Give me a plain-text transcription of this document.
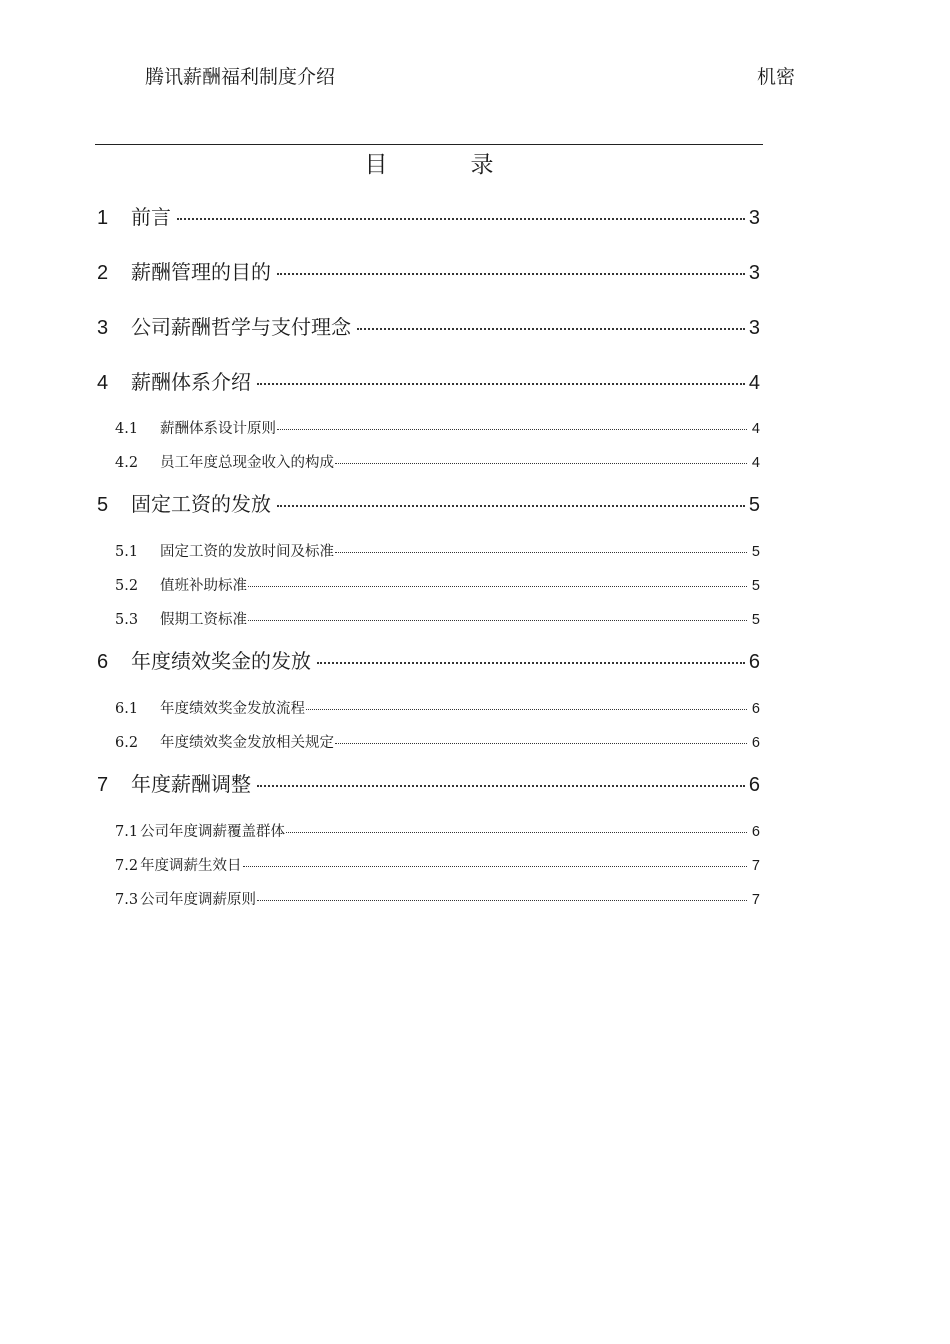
腾讯薪酬福利制度介绍	机密
目　录
1	前言	3
2	薪酬管理的目的	3
3	公司薪酬哲学与支付理念	3
4	薪酬体系介绍	4
4.1	薪酬体系设计原则	4
4.2	员工年度总现金收入的构成	4
5	固定工资的发放	5
5.1	固定工资的发放时间及标准	5
5.2	值班补助标准	5
5.3	假期工资标准	5
6	年度绩效奖金的发放	6
6.1	年度绩效奖金发放流程	6
6.2	年度绩效奖金发放相关规定	6
7	年度薪酬调整	6
7.1 公司年度调薪覆盖群体	6
7.2 年度调薪生效日	7
7.3 公司年度调薪原则	7
